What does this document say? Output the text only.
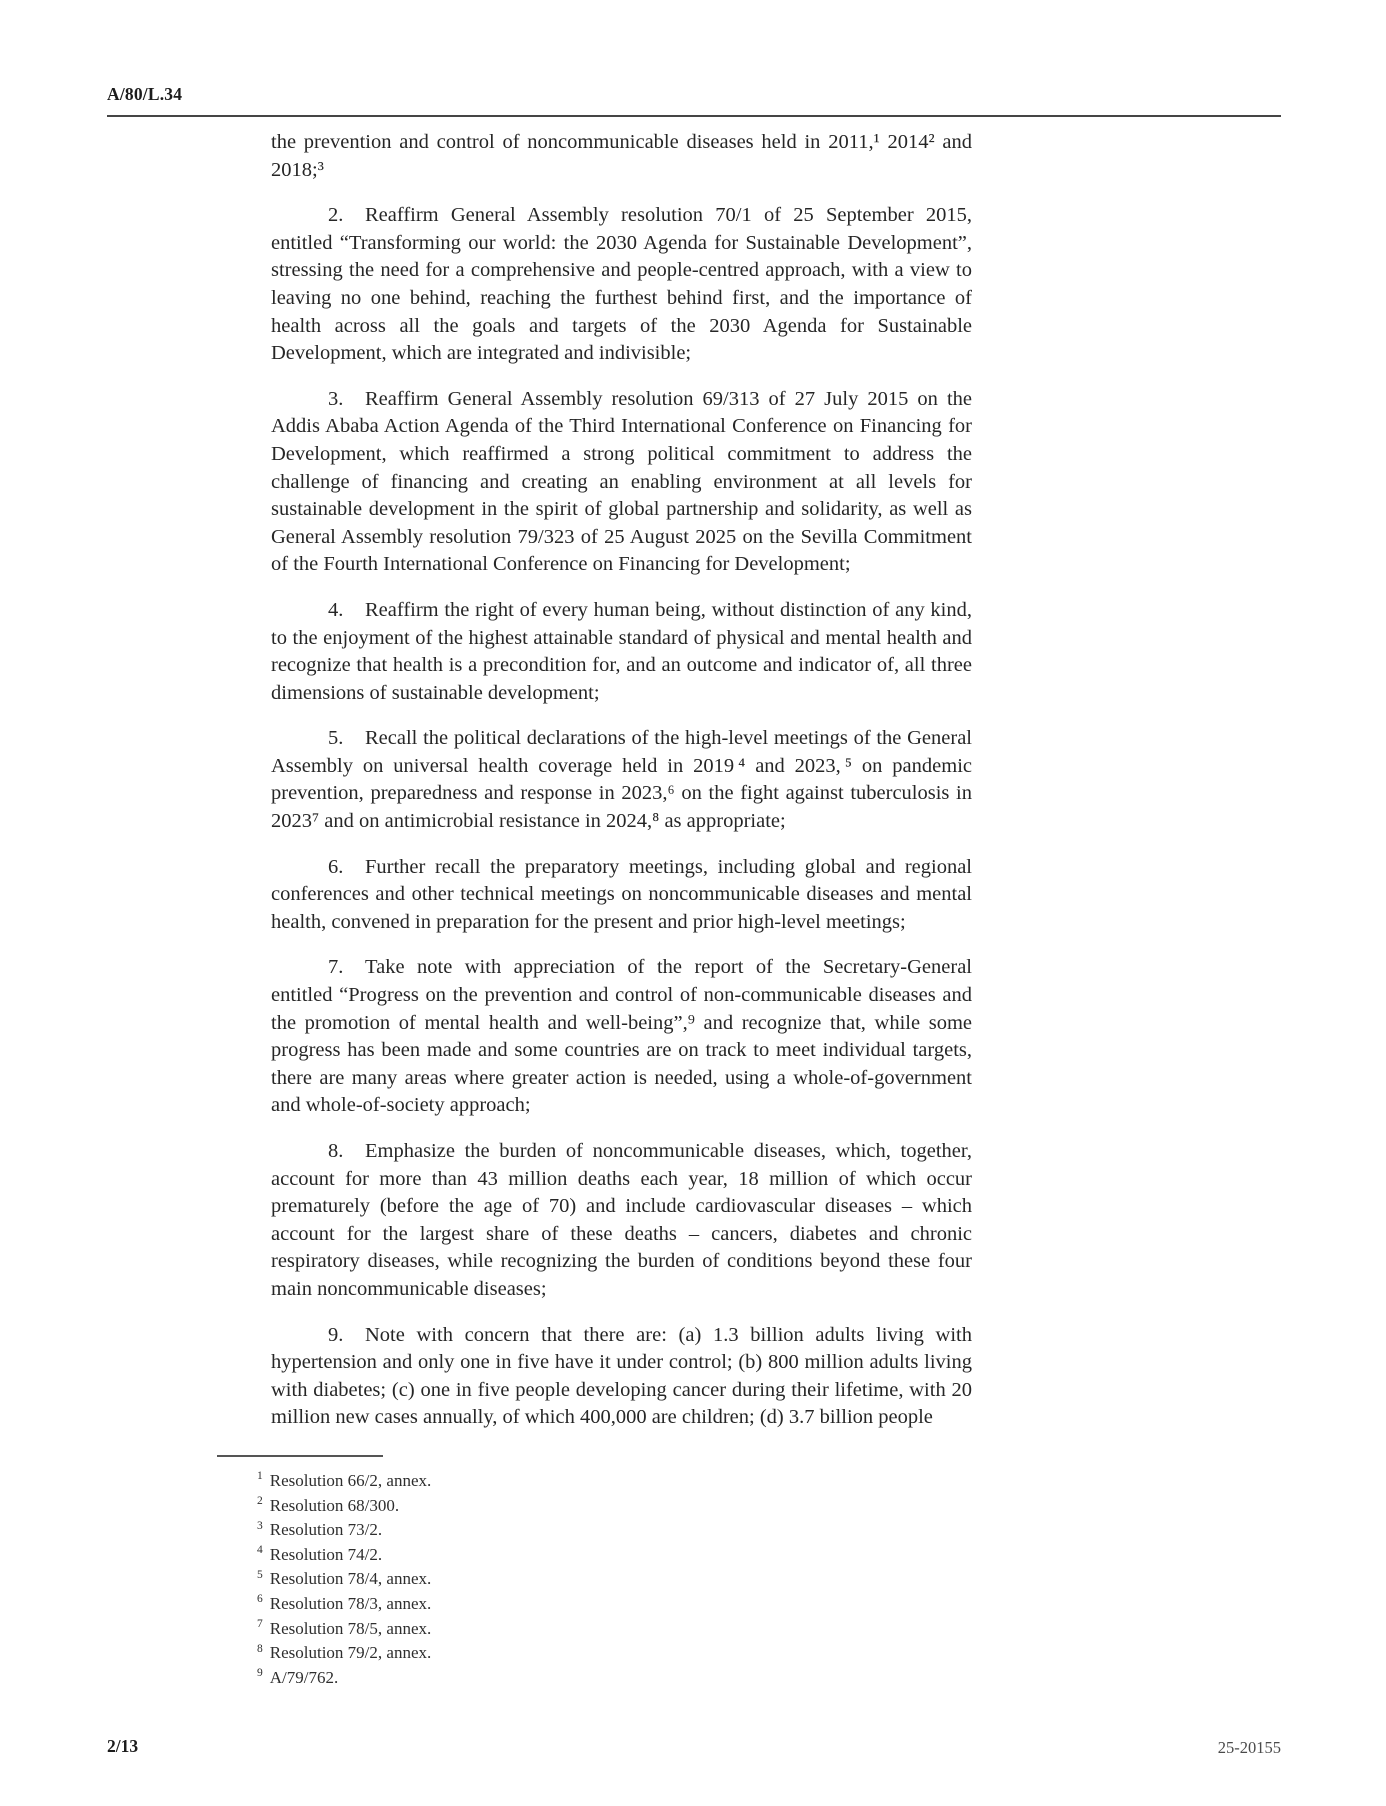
A/80/L.34

the prevention and control of noncommunicable diseases held in 2011,¹ 2014² and 2018;³

2. Reaffirm General Assembly resolution 70/1 of 25 September 2015, entitled “Transforming our world: the 2030 Agenda for Sustainable Development”, stressing the need for a comprehensive and people-centred approach, with a view to leaving no one behind, reaching the furthest behind first, and the importance of health across all the goals and targets of the 2030 Agenda for Sustainable Development, which are integrated and indivisible;

3. Reaffirm General Assembly resolution 69/313 of 27 July 2015 on the Addis Ababa Action Agenda of the Third International Conference on Financing for Development, which reaffirmed a strong political commitment to address the challenge of financing and creating an enabling environment at all levels for sustainable development in the spirit of global partnership and solidarity, as well as General Assembly resolution 79/323 of 25 August 2025 on the Sevilla Commitment of the Fourth International Conference on Financing for Development;

4. Reaffirm the right of every human being, without distinction of any kind, to the enjoyment of the highest attainable standard of physical and mental health and recognize that health is a precondition for, and an outcome and indicator of, all three dimensions of sustainable development;

5. Recall the political declarations of the high-level meetings of the General Assembly on universal health coverage held in 2019 ⁴ and 2023, ⁵ on pandemic prevention, preparedness and response in 2023,⁶ on the fight against tuberculosis in 2023⁷ and on antimicrobial resistance in 2024,⁸ as appropriate;

6. Further recall the preparatory meetings, including global and regional conferences and other technical meetings on noncommunicable diseases and mental health, convened in preparation for the present and prior high-level meetings;

7. Take note with appreciation of the report of the Secretary-General entitled “Progress on the prevention and control of non-communicable diseases and the promotion of mental health and well-being”,⁹ and recognize that, while some progress has been made and some countries are on track to meet individual targets, there are many areas where greater action is needed, using a whole-of-government and whole-of-society approach;

8. Emphasize the burden of noncommunicable diseases, which, together, account for more than 43 million deaths each year, 18 million of which occur prematurely (before the age of 70) and include cardiovascular diseases – which account for the largest share of these deaths – cancers, diabetes and chronic respiratory diseases, while recognizing the burden of conditions beyond these four main noncommunicable diseases;

9. Note with concern that there are: (a) 1.3 billion adults living with hypertension and only one in five have it under control; (b) 800 million adults living with diabetes; (c) one in five people developing cancer during their lifetime, with 20 million new cases annually, of which 400,000 are children; (d) 3.7 billion people

$^1$ Resolution 66/2, annex.
$^2$ Resolution 68/300.
$^3$ Resolution 73/2.
$^4$ Resolution 74/2.
$^5$ Resolution 78/4, annex.
$^6$ Resolution 78/3, annex.
$^7$ Resolution 78/5, annex.
$^8$ Resolution 79/2, annex.
$^9$ A/79/762.
2/13	25-20155
